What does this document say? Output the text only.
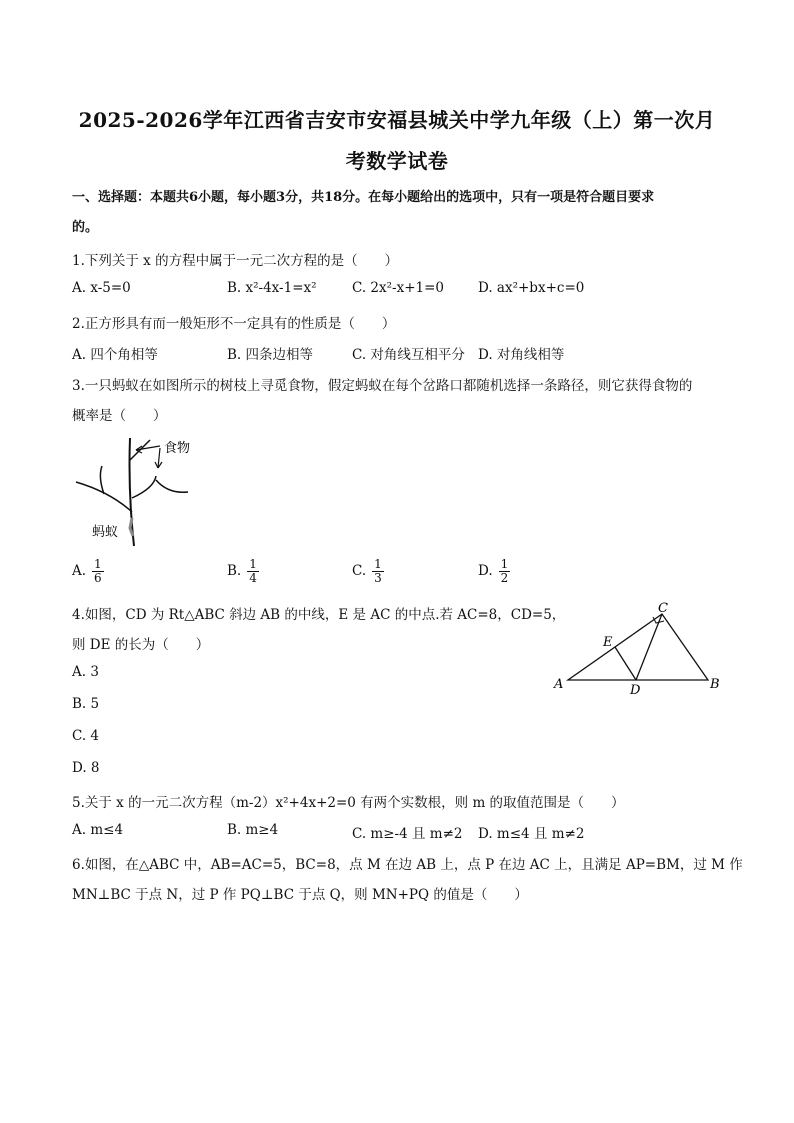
2025-2026学年江西省吉安市安福县城关中学九年级（上）第一次月
考数学试卷
一、选择题：本题共6小题，每小题3分，共18分。在每小题给出的选项中，只有一项是符合题目要求
的。
1.下列关于 x 的方程中属于一元二次方程的是（　　）
A. x-5=0	B. x²-4x-1=x²	C. 2x²-x+1=0	D. ax²+bx+c=0
2.正方形具有而一般矩形不一定具有的性质是（　　）
A. 四个角相等	B. 四条边相等	C. 对角线互相平分 D. 对角线相等
3.一只蚂蚁在如图所示的树枝上寻觅食物，假定蚂蚁在每个岔路口都随机选择一条路径，则它获得食物的
概率是（　　）
食物
蚂蚁
A. $\frac{1}{6}$	B. $\frac{1}{4}$	C. $\frac{1}{3}$	D. $\frac{1}{2}$
4.如图，CD 为 Rt△ABC 斜边 AB 的中线，E 是 AC 的中点.若 AC=8，CD=5，
则 DE 的长为（　　）
A. 3
B. 5
C. 4
D. 8
A	B
C
D
E
5.关于 x 的一元二次方程（m-2）x²+4x+2=0 有两个实数根，则 m 的取值范围是（　　）
A. m≤4	B. m≥4	C. m≥-4 且 m≠2 D. m≤4 且 m≠2
6.如图，在△ABC 中，AB=AC=5，BC=8，点 M 在边 AB 上，点 P 在边 AC 上，且满足 AP=BM，过 M 作
MN⊥BC 于点 N，过 P 作 PQ⊥BC 于点 Q，则 MN+PQ 的值是（　　）
